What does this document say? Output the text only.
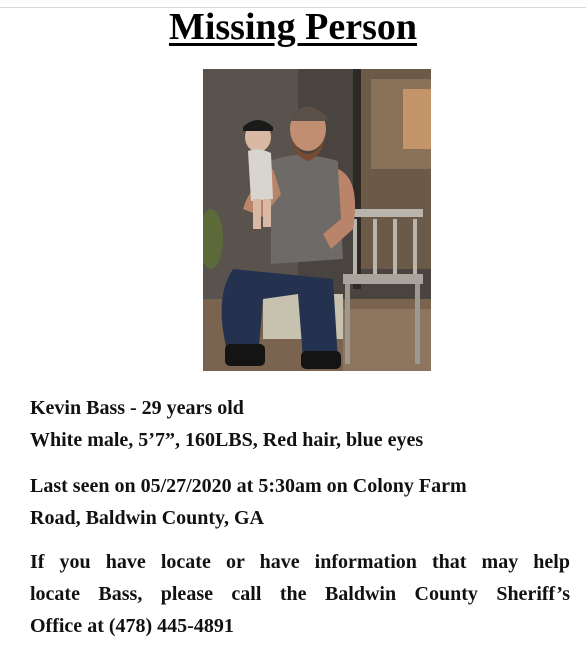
Missing Person
Kevin Bass - 29 years old
White male, 5’7”, 160LBS, Red hair, blue eyes
Last seen on 05/27/2020 at 5:30am on Colony Farm
Road, Baldwin County, GA
If you have locate or have information that may help
locate Bass, please call the Baldwin County Sheriff’s
Office at (478) 445-4891
